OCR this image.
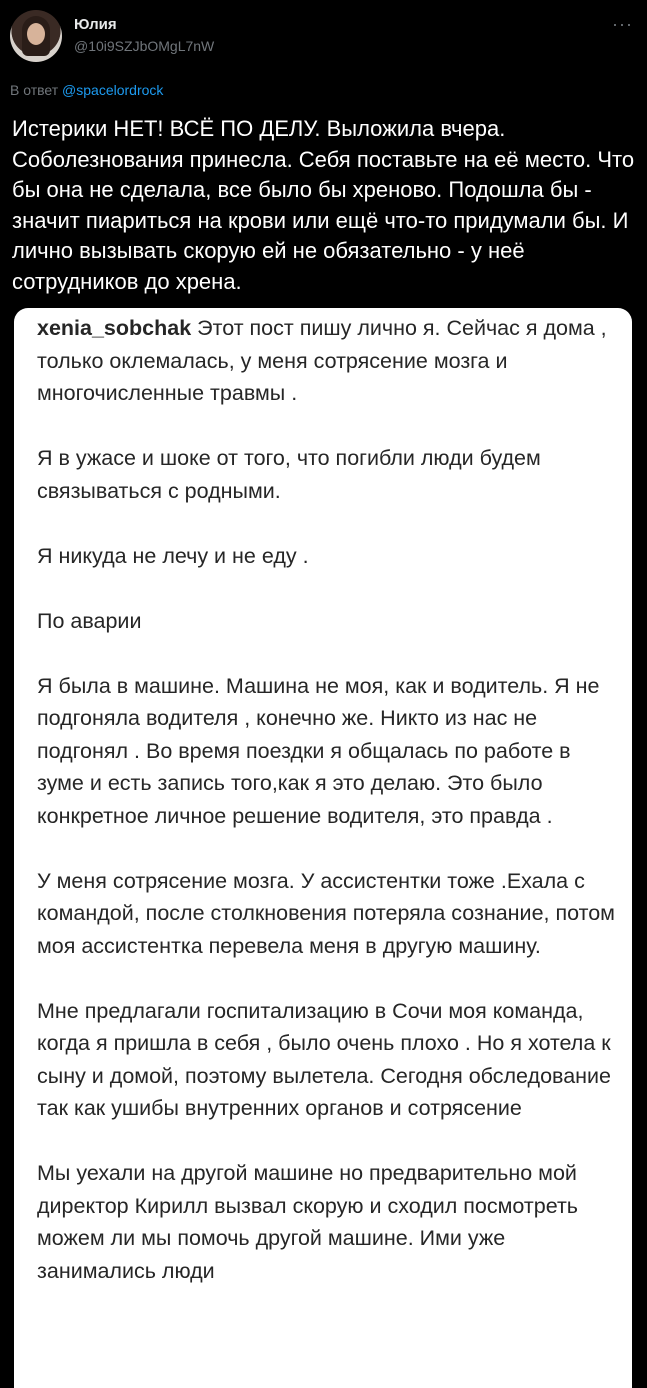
Юлия
@10i9SZJbOMgL7nW
···
В ответ @spacelordrock

Истерики НЕТ! ВСЁ ПО ДЕЛУ. Выложила вчера. Соболезнования принесла. Себя поставьте на её место. Что бы она не сделала, все было бы хреново. Подошла бы - значит пиариться на крови или ещё что-то придумали бы. И лично вызывать скорую ей не обязательно - у неё сотрудников до хрена.

xenia_sobchak Этот пост пишу лично я. Сейчас я дома , только оклемалась, у меня сотрясение мозга и многочисленные травмы .

Я в ужасе и шоке от того, что погибли люди будем связываться с родными.

Я никуда не лечу и не еду .

По аварии

Я была в машине. Машина не моя, как и водитель. Я не подгоняла водителя , конечно же. Никто из нас не подгонял . Во время поездки я общалась по работе в зуме и есть запись того,как я это делаю. Это было конкретное личное решение водителя, это правда .

У меня сотрясение мозга. У ассистентки тоже .Ехала с командой, после столкновения потеряла сознание, потом моя ассистентка перевела меня в другую машину.

Мне предлагали госпитализацию в Сочи моя команда, когда я пришла в себя , было очень плохо . Но я хотела к сыну и домой, поэтому вылетела. Сегодня обследование так как ушибы внутренних органов и сотрясение

Мы уехали на другой машине но предварительно мой директор Кирилл вызвал скорую и сходил посмотреть можем ли мы помочь другой машине. Ими уже занимались люди
